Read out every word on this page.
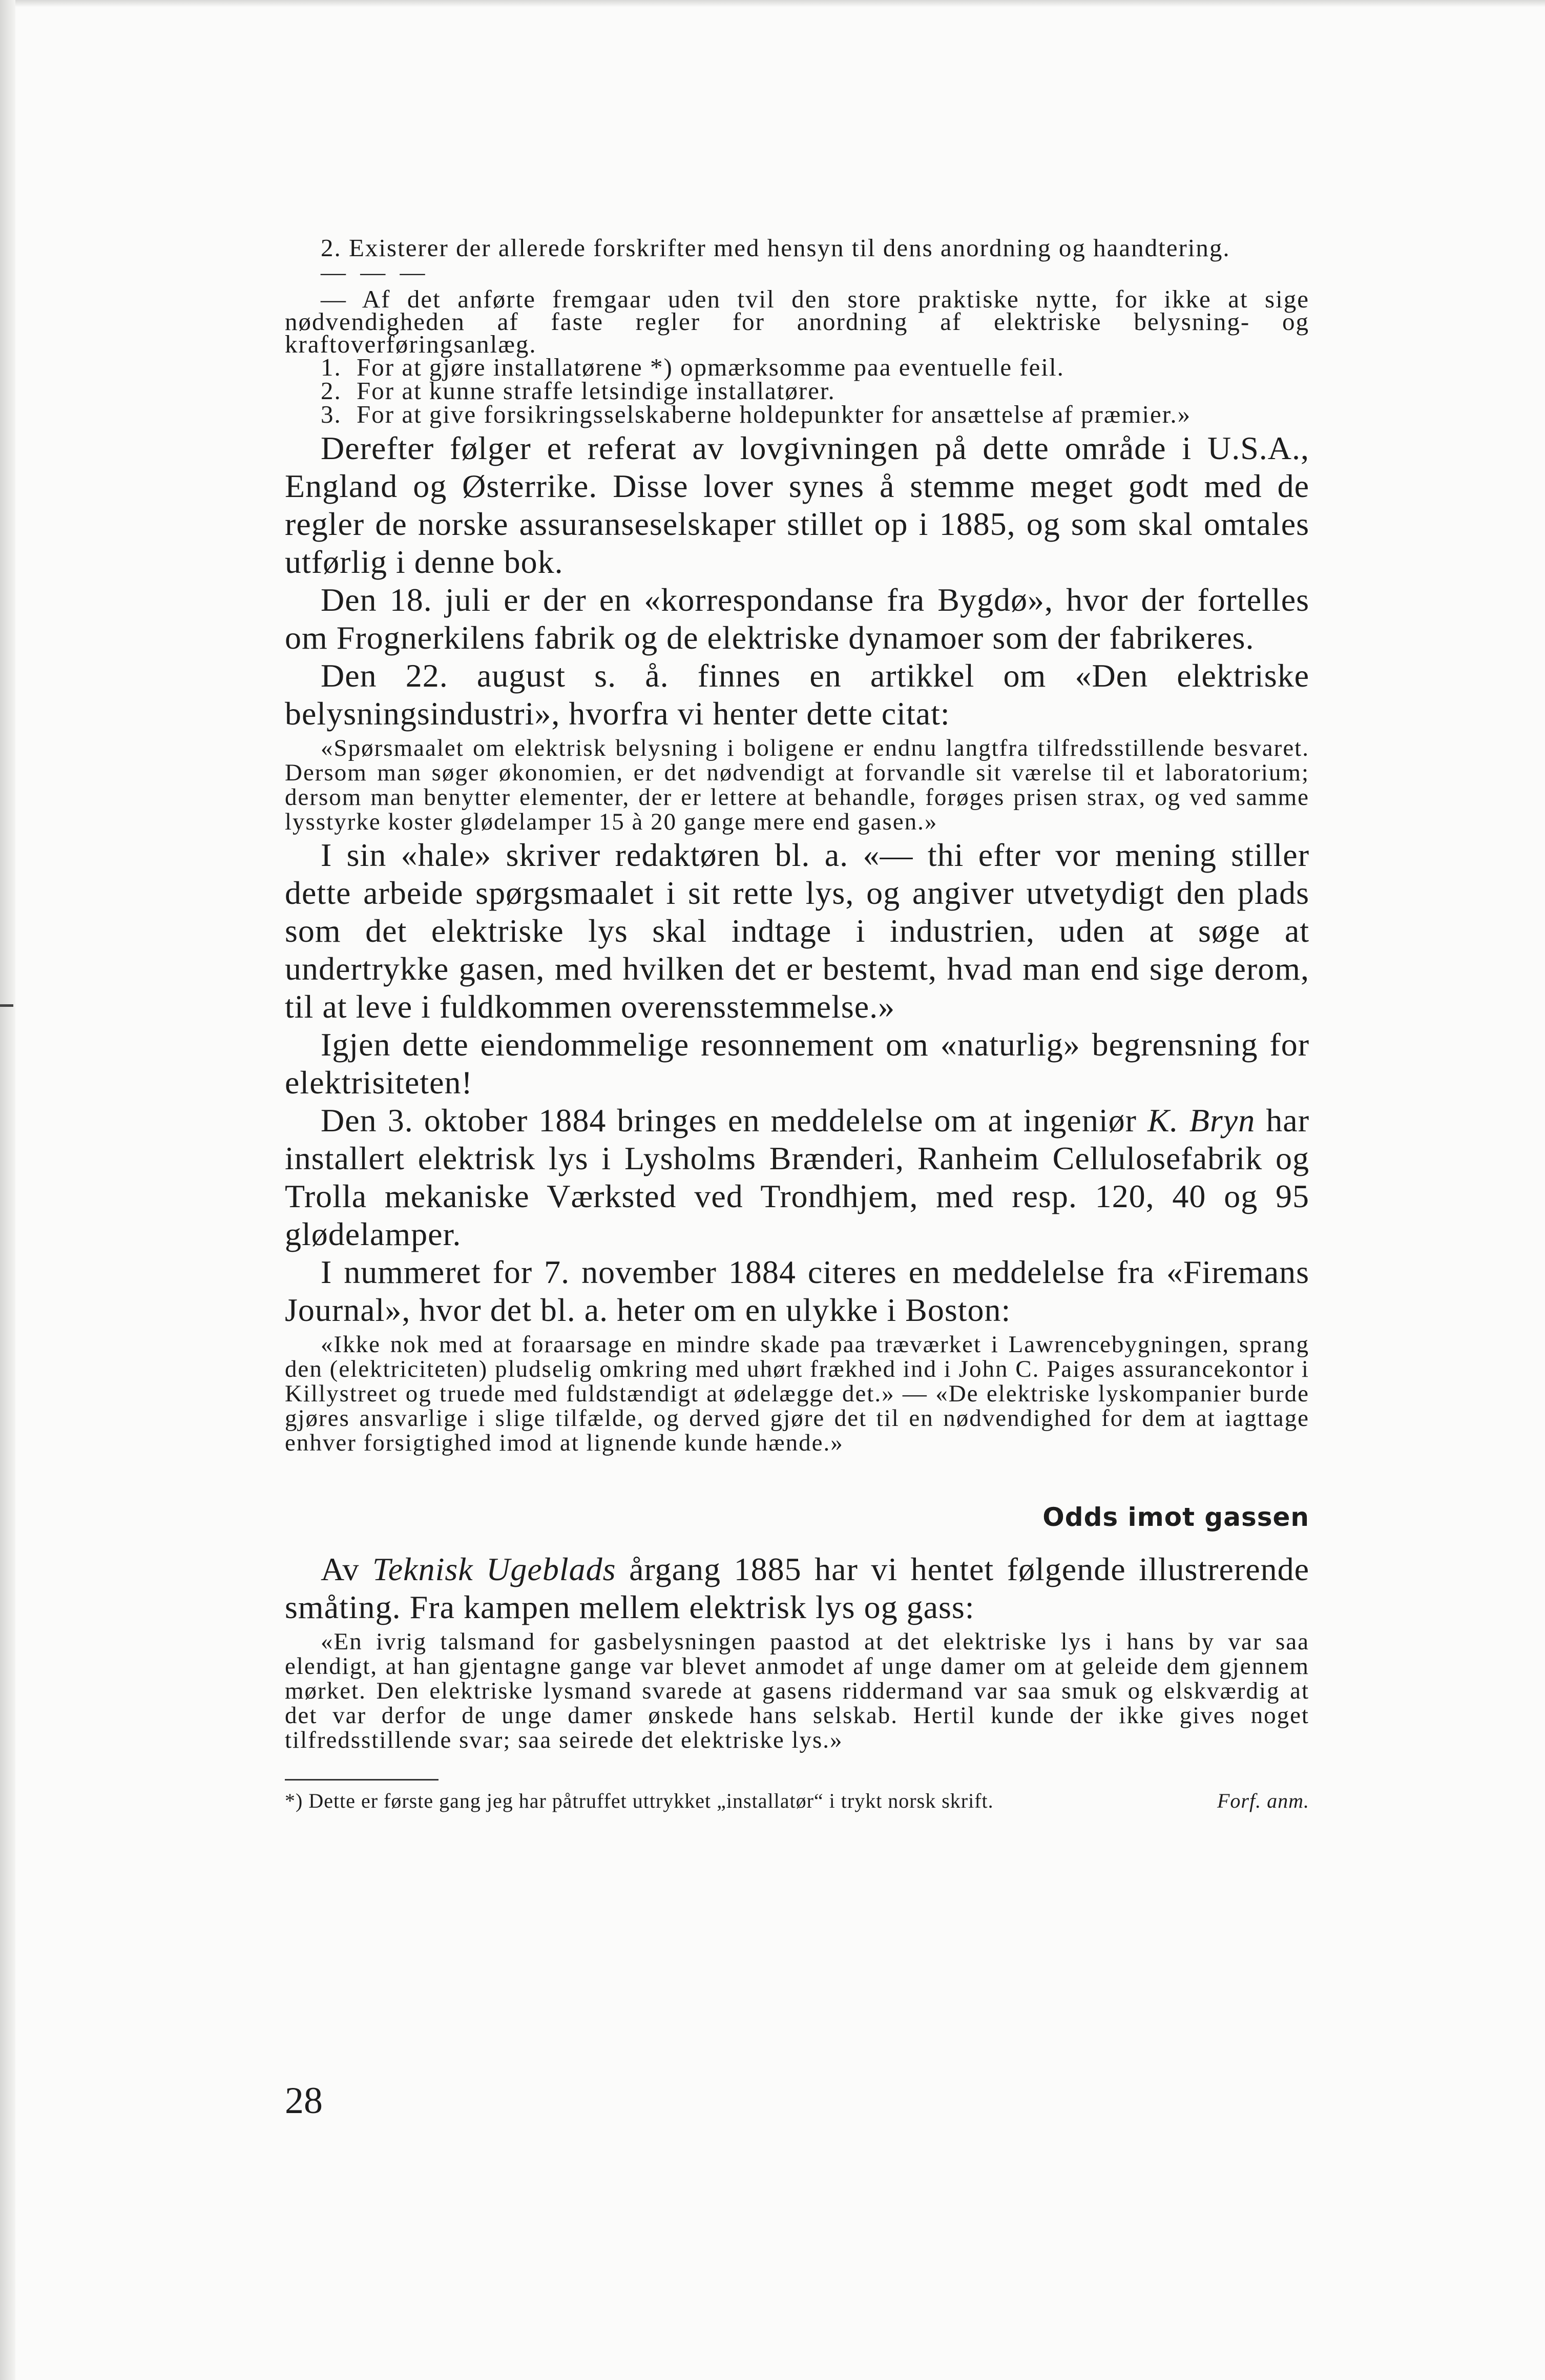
2. Existerer der allerede forskrifter med hensyn til dens anordning og haandtering.

— — —

— Af det anførte fremgaar uden tvil den store praktiske nytte, for ikke at sige nødvendigheden af faste regler for anordning af elektriske belysning- og kraftoverføringsanlæg.

1. For at gjøre installatørene *) opmærksomme paa eventuelle feil.
2. For at kunne straffe letsindige installatører.
3. For at give forsikringsselskaberne holdepunkter for ansættelse af præmier.»

Derefter følger et referat av lovgivningen på dette område i U.S.A., England og Østerrike. Disse lover synes å stemme meget godt med de regler de norske assuranseselskaper stillet op i 1885, og som skal omtales utførlig i denne bok.

Den 18. juli er der en «korrespondanse fra Bygdø», hvor der fortelles om Frognerkilens fabrik og de elektriske dynamoer som der fabrikeres.

Den 22. august s. å. finnes en artikkel om «Den elektriske belysningsindustri», hvorfra vi henter dette citat:

«Spørsmaalet om elektrisk belysning i boligene er endnu langtfra tilfredsstillende besvaret. Dersom man søger økonomien, er det nødvendigt at forvandle sit værelse til et laboratorium; dersom man benytter elementer, der er lettere at behandle, forøges prisen strax, og ved samme lysstyrke koster glødelamper 15 à 20 gange mere end gasen.»

I sin «hale» skriver redaktøren bl. a. «— thi efter vor mening stiller dette arbeide spørgsmaalet i sit rette lys, og angiver utvetydigt den plads som det elektriske lys skal indtage i industrien, uden at søge at undertrykke gasen, med hvilken det er bestemt, hvad man end sige derom, til at leve i fuldkommen overensstemmelse.»

Igjen dette eiendommelige resonnement om «naturlig» begrensning for elektrisiteten!

Den 3. oktober 1884 bringes en meddelelse om at ingeniør K. Bryn har installert elektrisk lys i Lysholms Brænderi, Ranheim Cellulosefabrik og Trolla mekaniske Værksted ved Trondhjem, med resp. 120, 40 og 95 glødelamper.

I nummeret for 7. november 1884 citeres en meddelelse fra «Firemans Journal», hvor det bl. a. heter om en ulykke i Boston:

«Ikke nok med at foraarsage en mindre skade paa træværket i Lawrencebygningen, sprang den (elektriciteten) pludselig omkring med uhørt frækhed ind i John C. Paiges assurancekontor i Killystreet og truede med fuldstændigt at ødelægge det.» — «De elektriske lyskompanier burde gjøres ansvarlige i slige tilfælde, og derved gjøre det til en nødvendighed for dem at iagttage enhver forsigtighed imod at lignende kunde hænde.»

Odds imot gassen

Av Teknisk Ugeblads årgang 1885 har vi hentet følgende illustrerende småting. Fra kampen mellem elektrisk lys og gass:

«En ivrig talsmand for gasbelysningen paastod at det elektriske lys i hans by var saa elendigt, at han gjentagne gange var blevet anmodet af unge damer om at geleide dem gjennem mørket. Den elektriske lysmand svarede at gasens riddermand var saa smuk og elskværdig at det var derfor de unge damer ønskede hans selskab. Hertil kunde der ikke gives noget tilfredsstillende svar; saa seirede det elektriske lys.»

*) Dette er første gang jeg har påtruffet uttrykket „installatør“ i trykt norsk skrift.	Forf. anm.

28
